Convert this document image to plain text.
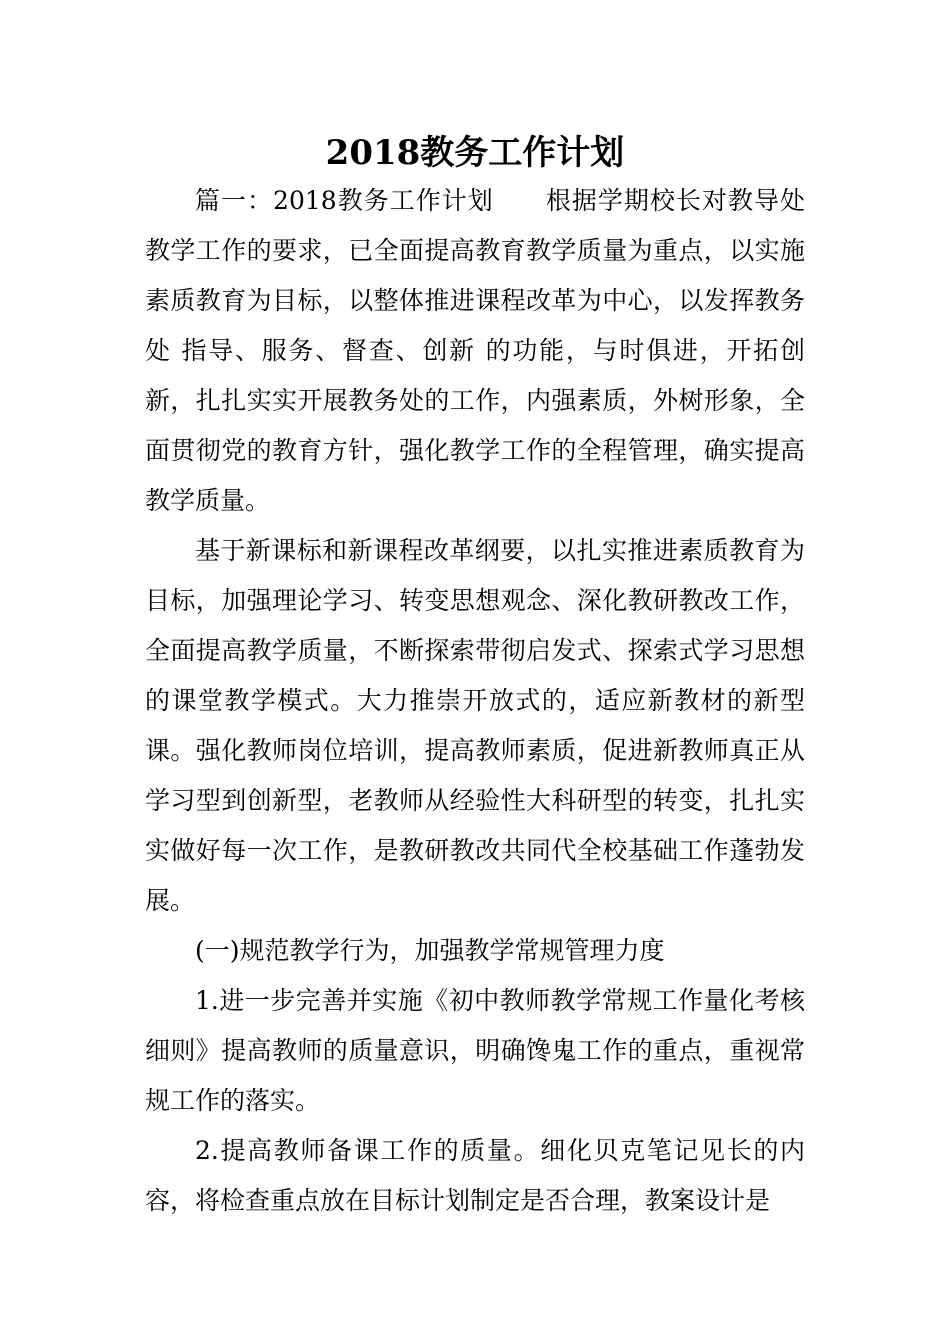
2018教务工作计划

篇一：2018教务工作计划　　根据学期校长对教导处教学工作的要求，已全面提高教育教学质量为重点，以实施素质教育为目标，以整体推进课程改革为中心，以发挥教务处 指导、服务、督查、创新 的功能，与时俱进，开拓创新，扎扎实实开展教务处的工作，内强素质，外树形象，全面贯彻党的教育方针，强化教学工作的全程管理，确实提高教学质量。

基于新课标和新课程改革纲要，以扎实推进素质教育为目标，加强理论学习、转变思想观念、深化教研教改工作，全面提高教学质量，不断探索带彻启发式、探索式学习思想的课堂教学模式。大力推崇开放式的，适应新教材的新型课。强化教师岗位培训，提高教师素质，促进新教师真正从学习型到创新型，老教师从经验性大科研型的转变，扎扎实实做好每一次工作，是教研教改共同代全校基础工作蓬勃发展。

(一)规范教学行为，加强教学常规管理力度

1.进一步完善并实施《初中教师教学常规工作量化考核细则》提高教师的质量意识，明确馋鬼工作的重点，重视常规工作的落实。

2.提高教师备课工作的质量。细化贝克笔记见长的内容，将检查重点放在目标计划制定是否合理，教案设计是
